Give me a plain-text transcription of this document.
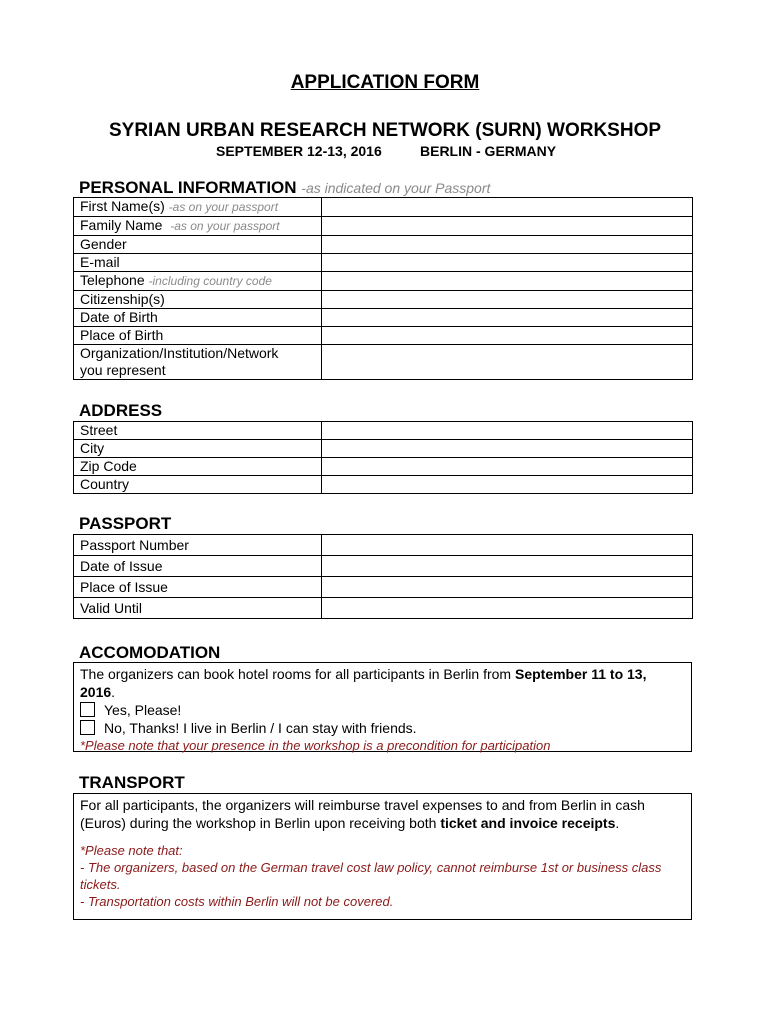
APPLICATION FORM
SYRIAN URBAN RESEARCH NETWORK (SURN) WORKSHOP
SEPTEMBER 12-13, 2016	BERLIN - GERMANY
PERSONAL INFORMATION -as indicated on your Passport
First Name(s) -as on your passport	
Family Name -as on your passport	
Gender	
E-mail	
Telephone -including country code	
Citizenship(s)	
Date of Birth	
Place of Birth	

Organization/Institution/Network
you represent	

ADDRESS
Street	
City	
Zip Code	
Country	
PASSPORT
Passport Number	
Date of Issue	
Place of Issue	
Valid Until	
ACCOMODATION
The organizers can book hotel rooms for all participants in Berlin from September 11 to 13, 2016.
Yes, Please!
No, Thanks! I live in Berlin / I can stay with friends.
*Please note that your presence in the workshop is a precondition for participation
TRANSPORT
For all participants, the organizers will reimburse travel expenses to and from Berlin in cash (Euros) during the workshop in Berlin upon receiving both ticket and invoice receipts.
*Please note that:
- The organizers, based on the German travel cost law policy, cannot reimburse 1st or business class tickets.
- Transportation costs within Berlin will not be covered.
